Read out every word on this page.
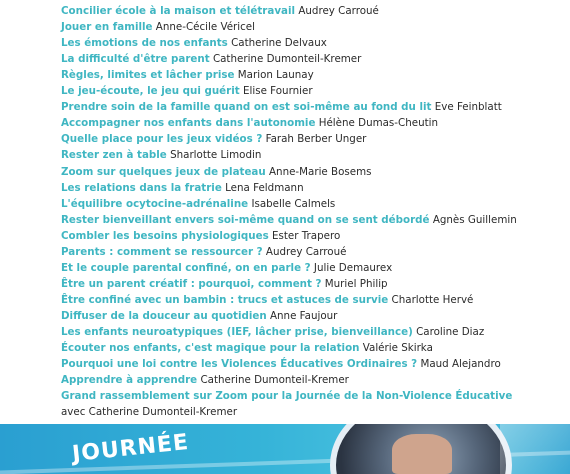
Concilier école à la maison et télétravail Audrey Carroué
Jouer en famille Anne-Cécile Véricel
Les émotions de nos enfants Catherine Delvaux
La difficulté d'être parent Catherine Dumonteil-Kremer
Règles, limites et lâcher prise Marion Launay
Le jeu-écoute, le jeu qui guérit Elise Fournier
Prendre soin de la famille quand on est soi-même au fond du lit Eve Feinblatt
Accompagner nos enfants dans l'autonomie Hélène Dumas-Cheutin
Quelle place pour les jeux vidéos ? Farah Berber Unger
Rester zen à table Sharlotte Limodin
Zoom sur quelques jeux de plateau Anne-Marie Bosems
Les relations dans la fratrie Lena Feldmann
L'équilibre ocytocine-adrénaline Isabelle Calmels
Rester bienveillant envers soi-même quand on se sent débordé Agnès Guillemin
Combler les besoins physiologiques Ester Trapero
Parents : comment se ressourcer ? Audrey Carroué
Et le couple parental confiné, on en parle ? Julie Demaurex
Être un parent créatif : pourquoi, comment ? Muriel Philip
Être confiné avec un bambin : trucs et astuces de survie Charlotte Hervé
Diffuser de la douceur au quotidien Anne Faujour
Les enfants neuroatypiques (IEF, lâcher prise, bienveillance) Caroline Diaz
Écouter nos enfants, c'est magique pour la relation Valérie Skirka
Pourquoi une loi contre les Violences Éducatives Ordinaires ? Maud Alejandro
Apprendre à apprendre Catherine Dumonteil-Kremer
Grand rassemblement sur Zoom pour la Journée de la Non-Violence Éducative
avec Catherine Dumonteil-Kremer
JOURNÉE
